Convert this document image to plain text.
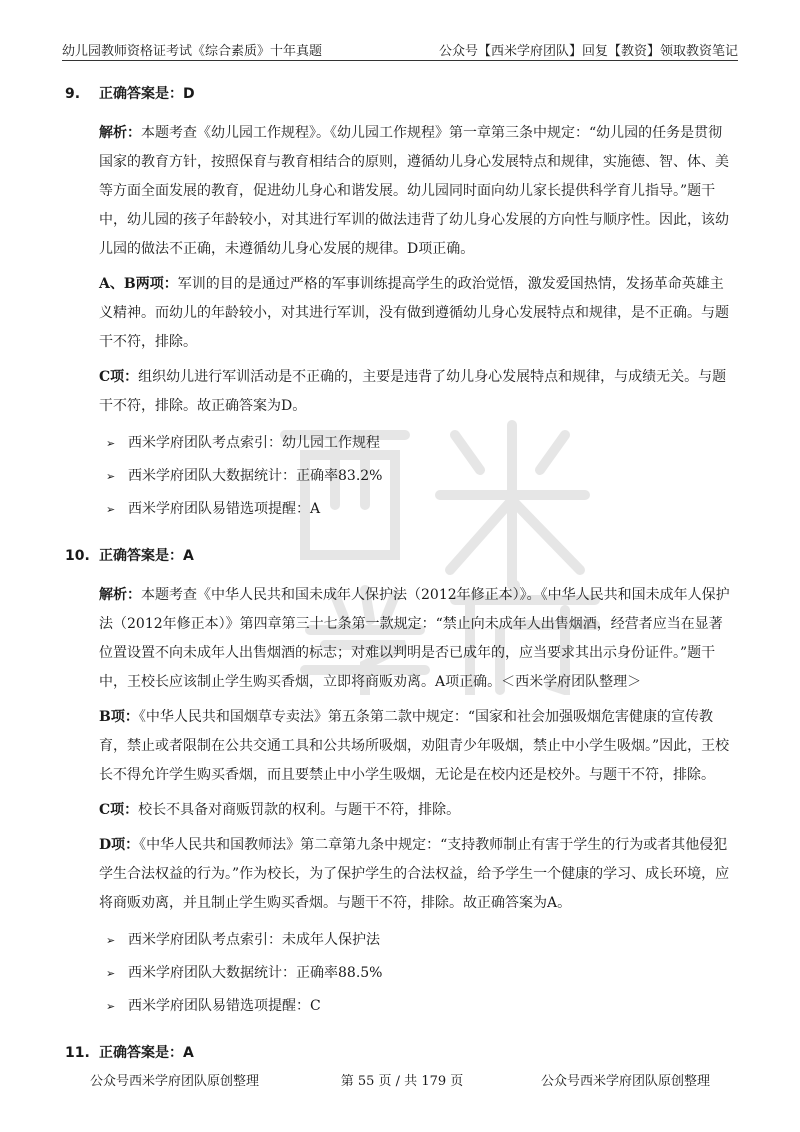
幼儿园教师资格证考试《综合素质》十年真题	公众号【西米学府团队】回复【教资】领取教资笔记
9. 正确答案是：D

解析：本题考查《幼儿园工作规程》。《幼儿园工作规程》第一章第三条中规定：“幼儿园的任务是贯彻国家的教育方针，按照保育与教育相结合的原则，遵循幼儿身心发展特点和规律，实施德、智、体、美等方面全面发展的教育，促进幼儿身心和谐发展。幼儿园同时面向幼儿家长提供科学育儿指导。”题干中，幼儿园的孩子年龄较小，对其进行军训的做法违背了幼儿身心发展的方向性与顺序性。因此，该幼儿园的做法不正确，未遵循幼儿身心发展的规律。D项正确。

A、B两项：军训的目的是通过严格的军事训练提高学生的政治觉悟，激发爱国热情，发扬革命英雄主义精神。而幼儿的年龄较小，对其进行军训，没有做到遵循幼儿身心发展特点和规律，是不正确。与题干不符，排除。

C项：组织幼儿进行军训活动是不正确的，主要是违背了幼儿身心发展特点和规律，与成绩无关。与题干不符，排除。故正确答案为D。

➢ 西米学府团队考点索引：幼儿园工作规程
➢ 西米学府团队大数据统计：正确率83.2%
➢ 西米学府团队易错选项提醒：A
10. 正确答案是：A

解析：本题考查《中华人民共和国未成年人保护法（2012年修正本）》。《中华人民共和国未成年人保护法（2012年修正本）》第四章第三十七条第一款规定：“禁止向未成年人出售烟酒，经营者应当在显著位置设置不向未成年人出售烟酒的标志；对难以判明是否已成年的，应当要求其出示身份证件。”题干中，王校长应该制止学生购买香烟，立即将商贩劝离。A项正确。＜西米学府团队整理＞

B项：《中华人民共和国烟草专卖法》第五条第二款中规定：“国家和社会加强吸烟危害健康的宣传教育，禁止或者限制在公共交通工具和公共场所吸烟，劝阻青少年吸烟，禁止中小学生吸烟。”因此，王校长不得允许学生购买香烟，而且要禁止中小学生吸烟，无论是在校内还是校外。与题干不符，排除。

C项：校长不具备对商贩罚款的权利。与题干不符，排除。

D项：《中华人民共和国教师法》第二章第九条中规定：“支持教师制止有害于学生的行为或者其他侵犯学生合法权益的行为。”作为校长，为了保护学生的合法权益，给予学生一个健康的学习、成长环境，应将商贩劝离，并且制止学生购买香烟。与题干不符，排除。故正确答案为A。

➢ 西米学府团队考点索引：未成年人保护法
➢ 西米学府团队大数据统计：正确率88.5%
➢ 西米学府团队易错选项提醒：C
11. 正确答案是：A
公众号西米学府团队原创整理	第 55 页 / 共 179 页	公众号西米学府团队原创整理
